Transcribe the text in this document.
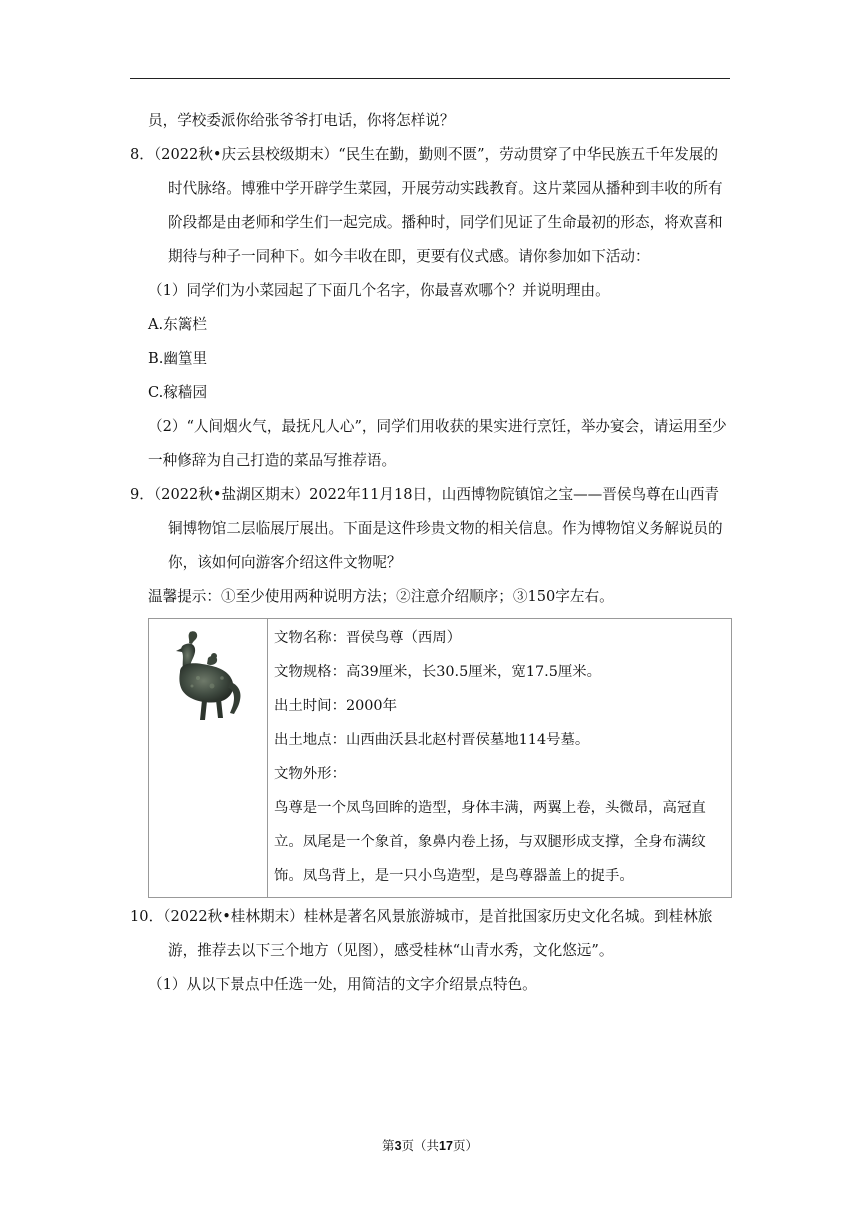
员，学校委派你给张爷爷打电话，你将怎样说？

8．（2022秋•庆云县校级期末）“民生在勤，勤则不匮”，劳动贯穿了中华民族五千年发展的时代脉络。博雅中学开辟学生菜园，开展劳动实践教育。这片菜园从播种到丰收的所有阶段都是由老师和学生们一起完成。播种时，同学们见证了生命最初的形态，将欢喜和期待与种子一同种下。如今丰收在即，更要有仪式感。请你参加如下活动：

（1）同学们为小菜园起了下面几个名字，你最喜欢哪个？并说明理由。

A.东篱栏

B.幽篁里

C.稼穑园

（2）“人间烟火气，最抚凡人心”，同学们用收获的果实进行烹饪，举办宴会，请运用至少一种修辞为自己打造的菜品写推荐语。

9．（2022秋•盐湖区期末）2022年11月18日，山西博物院镇馆之宝——晋侯鸟尊在山西青铜博物馆二层临展厅展出。下面是这件珍贵文物的相关信息。作为博物馆义务解说员的你，该如何向游客介绍这件文物呢？

温馨提示：①至少使用两种说明方法；②注意介绍顺序；③150字左右。

文物名称：晋侯鸟尊（西周）

文物规格：高39厘米，长30.5厘米，宽17.5厘米。

出土时间：2000年

出土地点：山西曲沃县北赵村晋侯墓地114号墓。

文物外形：

鸟尊是一个凤鸟回眸的造型，身体丰满，两翼上卷，头微昂，高冠直立。凤尾是一个象首，象鼻内卷上扬，与双腿形成支撑，全身布满纹饰。凤鸟背上，是一只小鸟造型，是鸟尊器盖上的捉手。

10．（2022秋•桂林期末）桂林是著名风景旅游城市，是首批国家历史文化名城。到桂林旅游，推荐去以下三个地方（见图），感受桂林“山青水秀，文化悠远”。

（1）从以下景点中任选一处，用简洁的文字介绍景点特色。

第3页（共17页）
